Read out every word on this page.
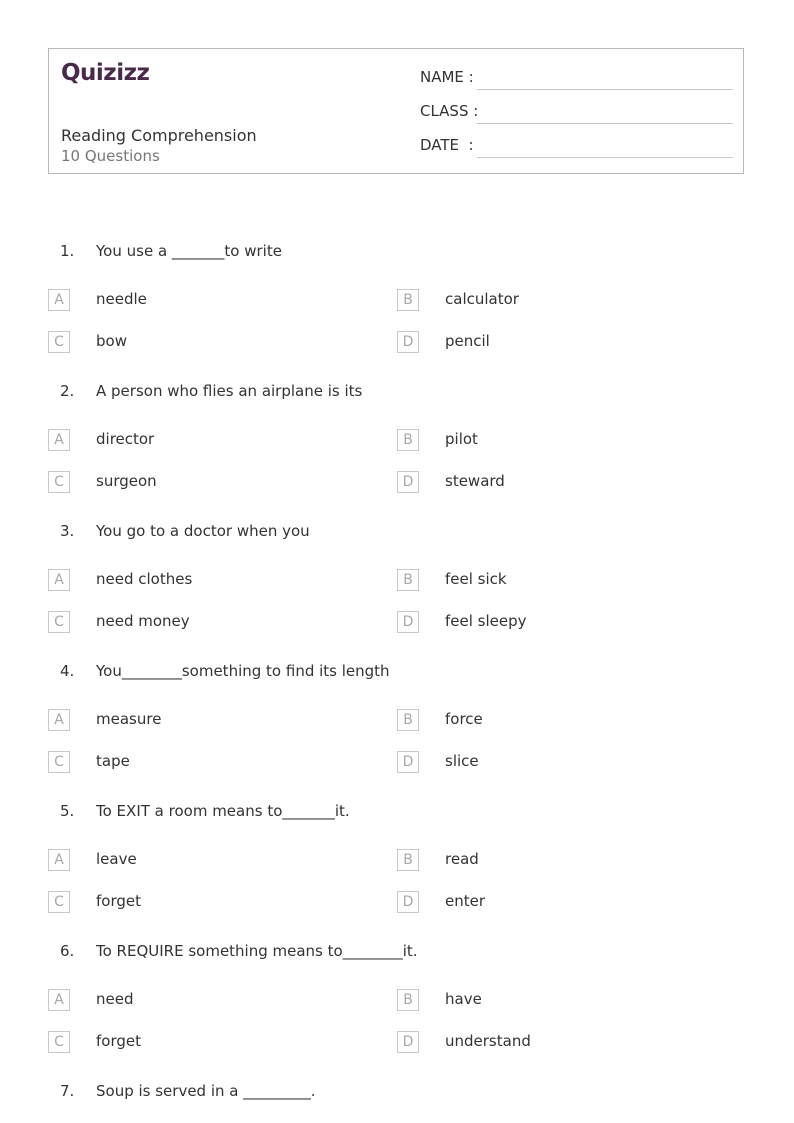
Quizizz
Reading Comprehension
10 Questions
NAME :
CLASS :
DATE  :
1. You use a _______to write
A	needle	B	calculator
C	bow	D	pencil
2. A person who flies an airplane is its
A	director	B	pilot
C	surgeon	D	steward
3. You go to a doctor when you
A	need clothes	B	feel sick
C	need money	D	feel sleepy
4. You________something to find its length
A	measure	B	force
C	tape	D	slice
5. To EXIT a room means to_______it.
A	leave	B	read
C	forget	D	enter
6. To REQUIRE something means to________it.
A	need	B	have
C	forget	D	understand
7. Soup is served in a _________.
